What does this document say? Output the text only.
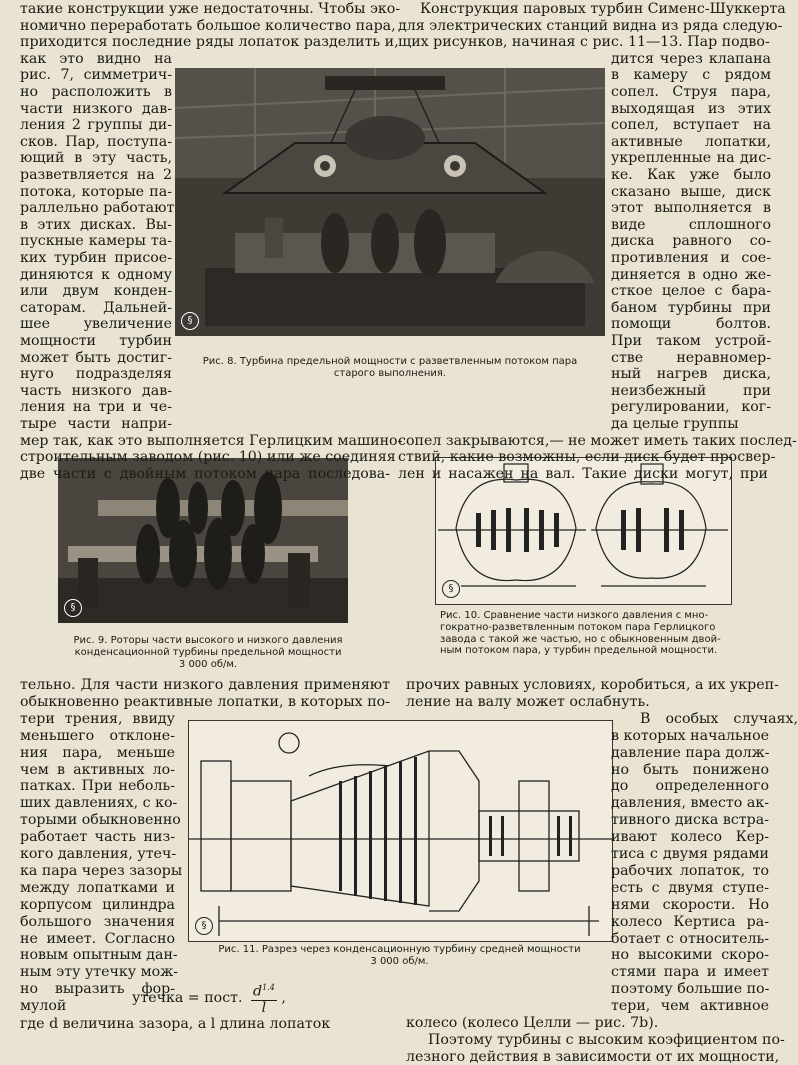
§
Рис. 8. Турбина предельной мощности с разветвленным потоком пара
старого выполнения.
§
Рис. 9. Роторы части высокого и низкого давления
конденсационной турбины предельной мощности
3 000 об/м.
§
Рис. 10. Сравнение части низкого давления с мно-
гократно-разветвленным потоком пара Герлицкого
завода с такой же частью, но с обыкновенным двой-
ным потоком пара, у турбин предельной мощности.
§
Рис. 11. Разрез через конденсационную турбину средней мощности
3 000 об/м.
утечка = пост. $\frac{d^{1.4}}{l}$ ,
где d величина зазора, а l длина лопаток
такие конструкции уже недостаточны. Чтобы эко-
номично переработать большое количество пара,
приходится последние ряды лопаток разделить и,
как это видно на
рис. 7, симметрич-
но расположить в
части низкого дав-
ления 2 группы ди-
сков. Пар, поступа-
ющий в эту часть,
разветвляется на 2
потока, которые па-
раллельно работают
в этих дисках. Вы-
пускные камеры та-
ких турбин присое-
диняются к одному
или двум конден-
саторам. Дальней-
шее увеличение
мощности турбин
может быть достиг-
нуго подразделяя
часть низкого дав-
ления на три и че-
тыре части напри-
мер так, как это выполняется Герлицким машино-
строительным заводом (рис. 10) или же соединяя
две части с двойным потоком пара последова-
Конструкция паровых турбин Сименс-Шуккерта
для электрических станций видна из ряда следую-
щих рисунков, начиная с рис. 11—13. Пар подво-
дится через клапана
в камеру с рядом
сопел. Струя пара,
выходящая из этих
сопел, вступает на
активные лопатки,
укрепленные на дис-
ке. Как уже было
сказано выше, диск
этот выполняется в
виде сплошного
диска равного со-
противления и сое-
диняется в одно же-
сткое целое с бара-
баном турбины при
помощи болтов.
При таком устрой-
стве неравномер-
ный нагрев диска,
неизбежный при
регулировании, ког-
да целые группы
сопел закрываются,— не может иметь таких послед-
ствий, какие возможны, если диск будет просвер-
лен и насажен на вал. Такие диски могут, при
тельно. Для части низкого давления применяют
обыкновенно реактивные лопатки, в которых по-
тери трения, ввиду
меньшего отклоне-
ния пара, меньше
чем в активных ло-
патках. При неболь-
ших давлениях, с ко-
торыми обыкновенно
работает часть низ-
кого давления, утеч-
ка пара через зазоры
между лопатками и
корпусом цилиндра
большого значения
не имеет. Согласно
новым опытным дан-
ным эту утечку мож-
но выразить фор-
мулой
прочих равных условиях, коробиться, а их укреп-
ление на валу может ослабнуть.
В особых случаях,
в которых начальное
давление пара долж-
но быть понижено
до определенного
давления, вместо ак-
тивного диска встра-
ивают колесо Кер-
тиса с двумя рядами
рабочих лопаток, то
есть с двумя ступе-
нями скорости. Но
колесо Кертиса ра-
ботает с относитель-
но высокими скоро-
стями пара и имеет
поэтому большие по-
тери, чем активное
колесо (колесо Целли — рис. 7b).
Поэтому турбины с высоким коэфициентом по-
лезного действия в зависимости от их мощности,
